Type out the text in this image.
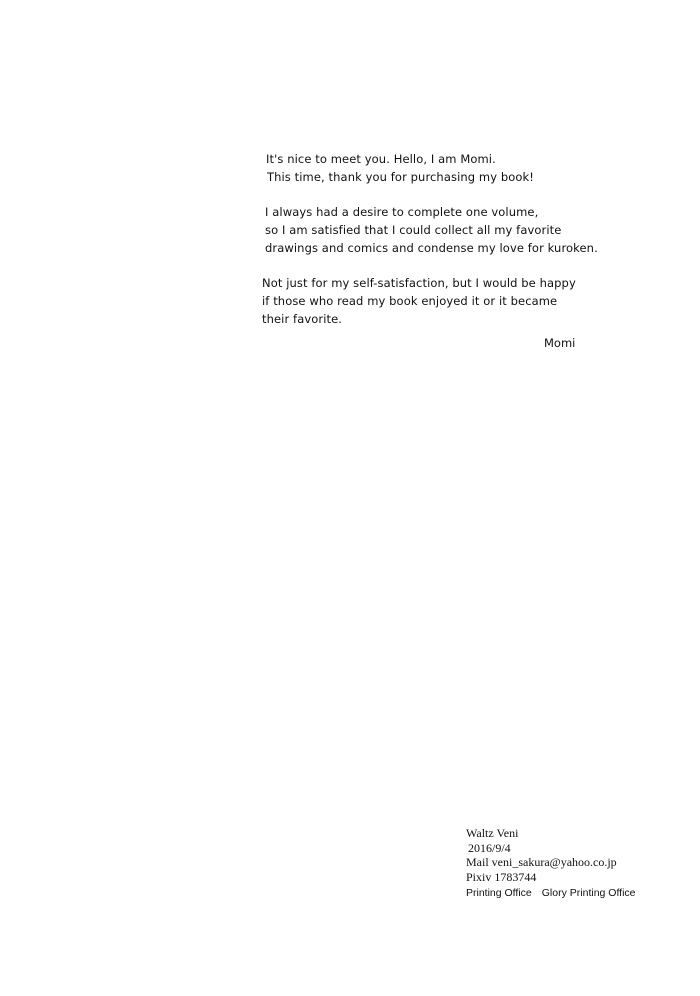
It's nice to meet you. Hello, I am Momi.
This time, thank you for purchasing my book!

I always had a desire to complete one volume,
so I am satisfied that I could collect all my favorite
drawings and comics and condense my love for kuroken.

Not just for my self-satisfaction, but I would be happy
if those who read my book enjoyed it or it became
their favorite.

Momi
Waltz Veni
2016/9/4
Mail veni_sakura@yahoo.co.jp
Pixiv 1783744
Printing Office Glory Printing Office
